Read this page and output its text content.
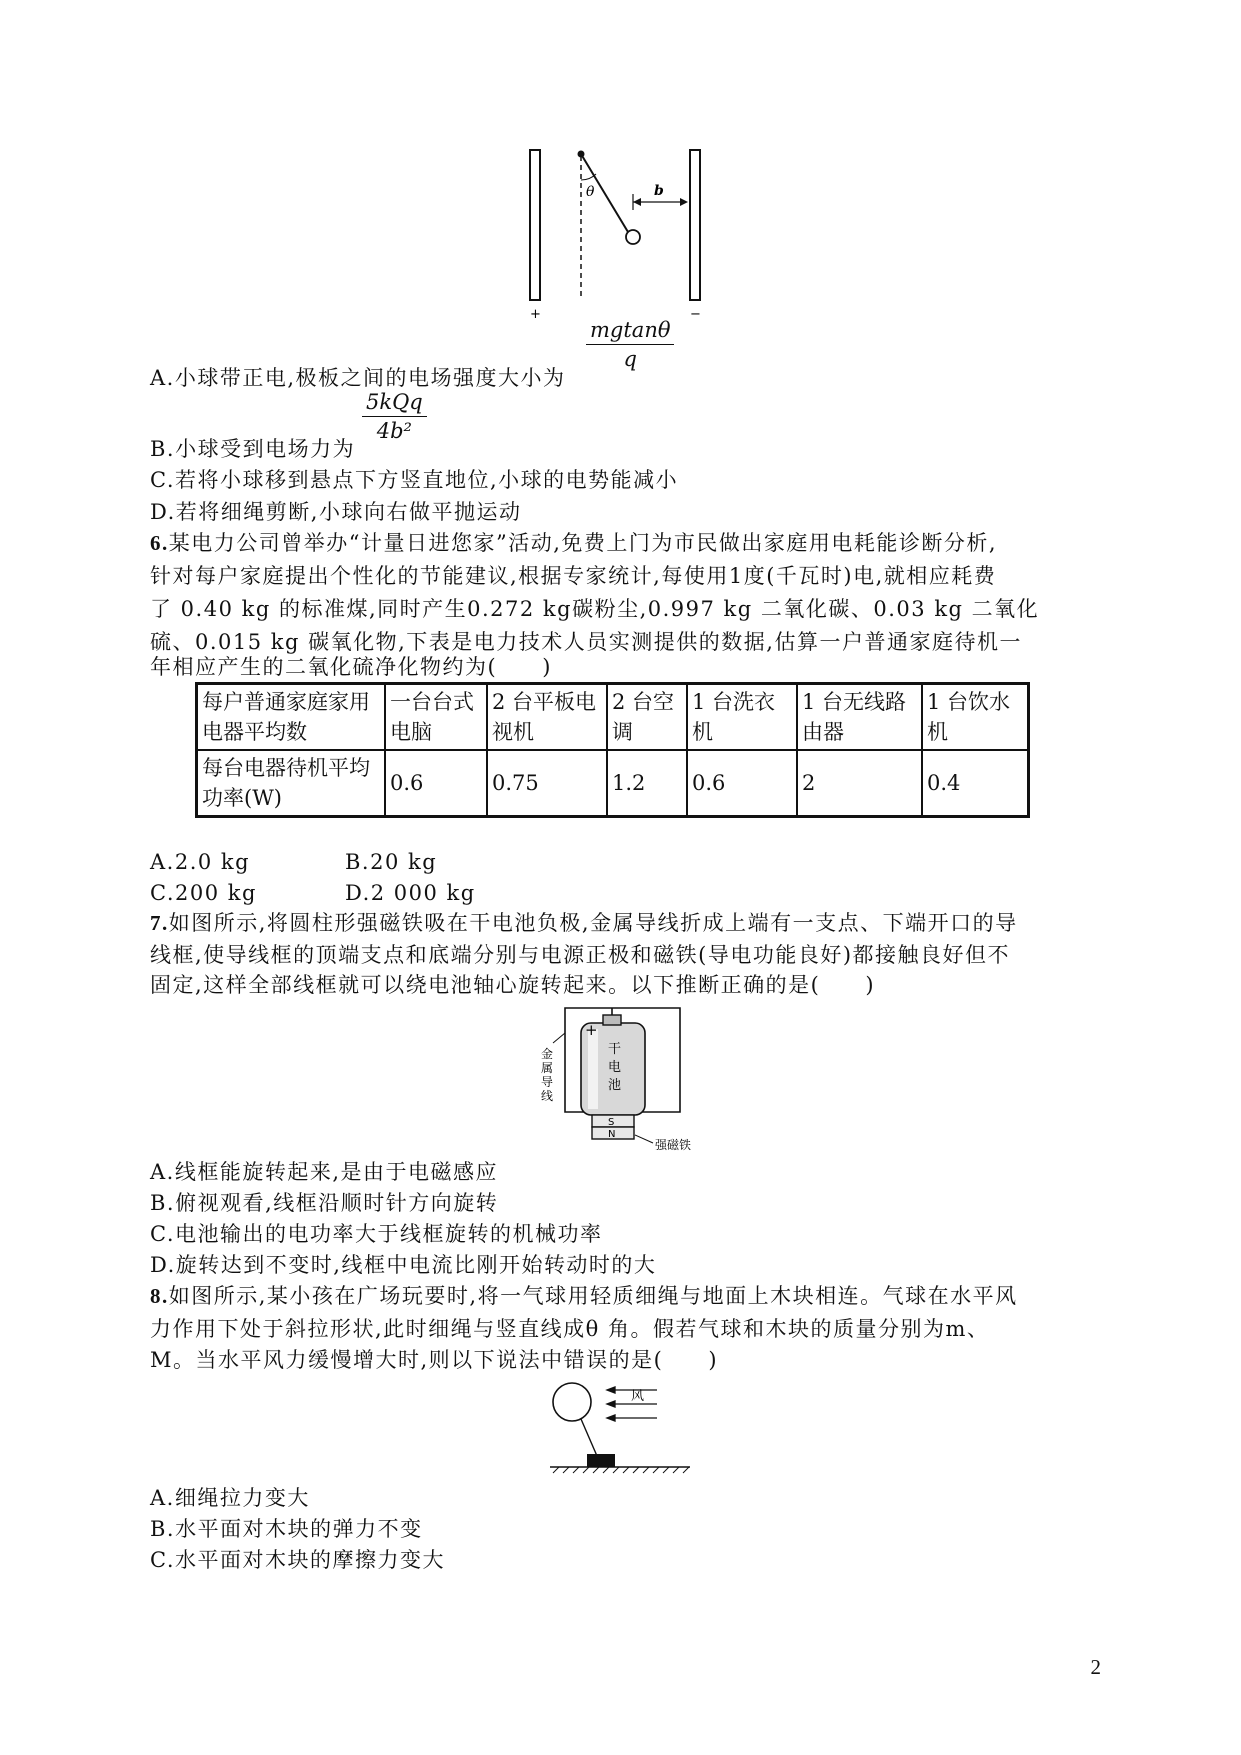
θ	b
+	−
A.小球带正电,极板之间的电场强度大小为
$\frac{mgtan\theta}{q}$
B.小球受到电场力为
5kQq
4b²
C.若将小球移到悬点下方竖直地位,小球的电势能减小
D.若将细绳剪断,小球向右做平抛运动
6.某电力公司曾举办“计量日进您家”活动,免费上门为市民做出家庭用电耗能诊断分析,
针对每户家庭提出个性化的节能建议,根据专家统计,每使用1度(千瓦时)电,就相应耗费
了 0.40 kg 的标准煤,同时产生0.272 kg碳粉尘,0.997 kg 二氧化碳、0.03 kg 二氧化
硫、0.015 kg 碳氧化物,下表是电力技术人员实测提供的数据,估算一户普通家庭待机一
年相应产生的二氧化硫净化物约为(　　)
每户普通家庭家用电器平均数	一台台式电脑	2 台平板电视机	2 台空调	1 台洗衣机	1 台无线路由器	1 台饮水机
每台电器待机平均功率(W)	0.6	0.75	1.2	0.6	2	0.4
A.2.0 kg	B.20 kg
C.200 kg	D.2 000 kg
7.如图所示,将圆柱形强磁铁吸在干电池负极,金属导线折成上端有一支点、下端开口的导
线框,使导线框的顶端支点和底端分别与电源正极和磁铁(导电功能良好)都接触良好但不
固定,这样全部线框就可以绕电池轴心旋转起来。以下推断正确的是(　　)
+
干
电
池
S
N
金
属
导
线
强磁铁
A.线框能旋转起来,是由于电磁感应
B.俯视观看,线框沿顺时针方向旋转
C.电池输出的电功率大于线框旋转的机械功率
D.旋转达到不变时,线框中电流比刚开始转动时的大
8.如图所示,某小孩在广场玩要时,将一气球用轻质细绳与地面上木块相连。气球在水平风
力作用下处于斜拉形状,此时细绳与竖直线成θ 角。假若气球和木块的质量分别为m、
M。当水平风力缓慢增大时,则以下说法中错误的是(　　)
风
A.细绳拉力变大
B.水平面对木块的弹力不变
C.水平面对木块的摩擦力变大
2
